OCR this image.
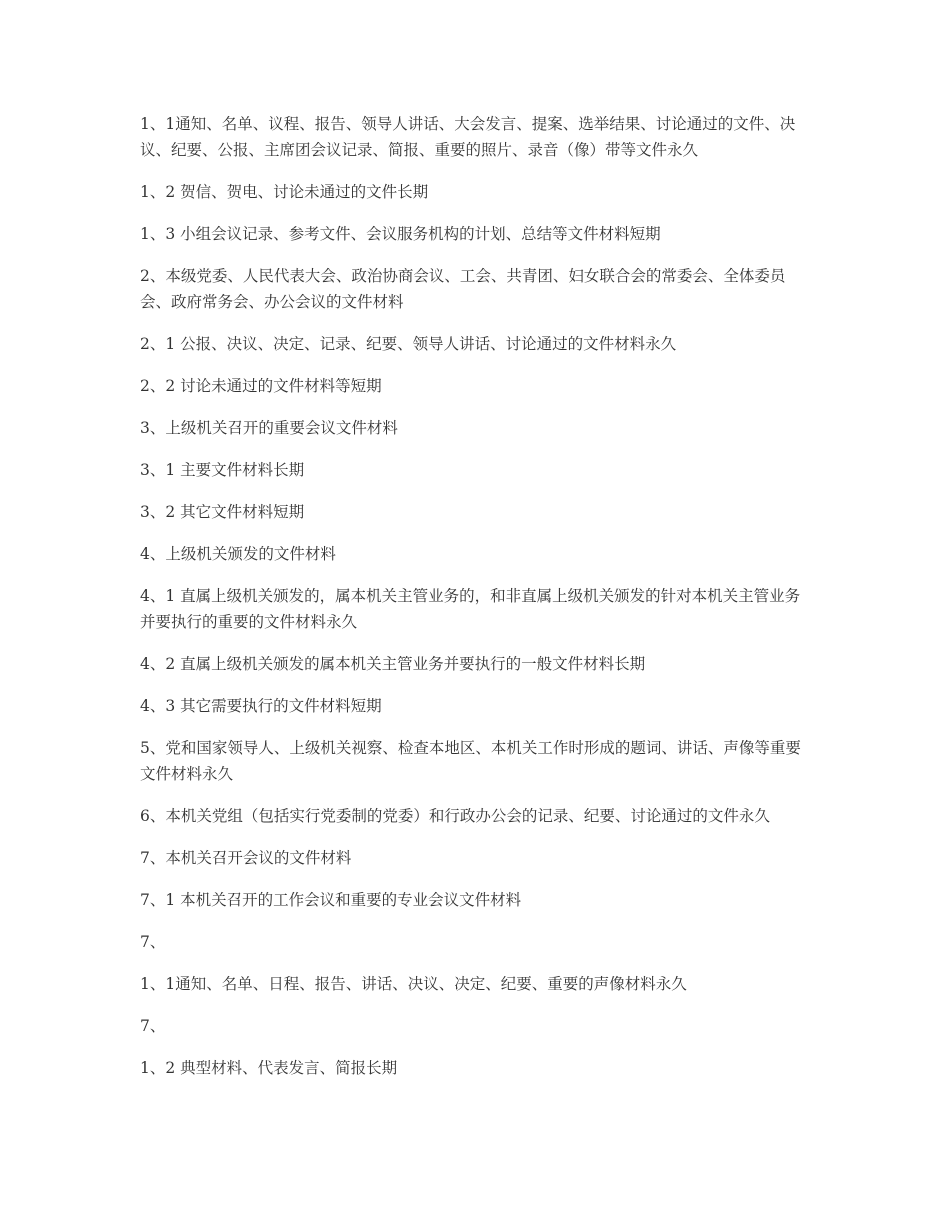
1、1通知、名单、议程、报告、领导人讲话、大会发言、提案、选举结果、讨论通过的文件、决议、纪要、公报、主席团会议记录、简报、重要的照片、录音（像）带等文件永久

1、2 贺信、贺电、讨论未通过的文件长期

1、3 小组会议记录、参考文件、会议服务机构的计划、总结等文件材料短期

2、本级党委、人民代表大会、政治协商会议、工会、共青团、妇女联合会的常委会、全体委员会、政府常务会、办公会议的文件材料

2、1 公报、决议、决定、记录、纪要、领导人讲话、讨论通过的文件材料永久

2、2 讨论未通过的文件材料等短期

3、上级机关召开的重要会议文件材料

3、1 主要文件材料长期

3、2 其它文件材料短期

4、上级机关颁发的文件材料

4、1 直属上级机关颁发的，属本机关主管业务的，和非直属上级机关颁发的针对本机关主管业务并要执行的重要的文件材料永久

4、2 直属上级机关颁发的属本机关主管业务并要执行的一般文件材料长期

4、3 其它需要执行的文件材料短期

5、党和国家领导人、上级机关视察、检查本地区、本机关工作时形成的题词、讲话、声像等重要文件材料永久

6、本机关党组（包括实行党委制的党委）和行政办公会的记录、纪要、讨论通过的文件永久

7、本机关召开会议的文件材料

7、1 本机关召开的工作会议和重要的专业会议文件材料

7、

1、1通知、名单、日程、报告、讲话、决议、决定、纪要、重要的声像材料永久

7、

1、2 典型材料、代表发言、简报长期
